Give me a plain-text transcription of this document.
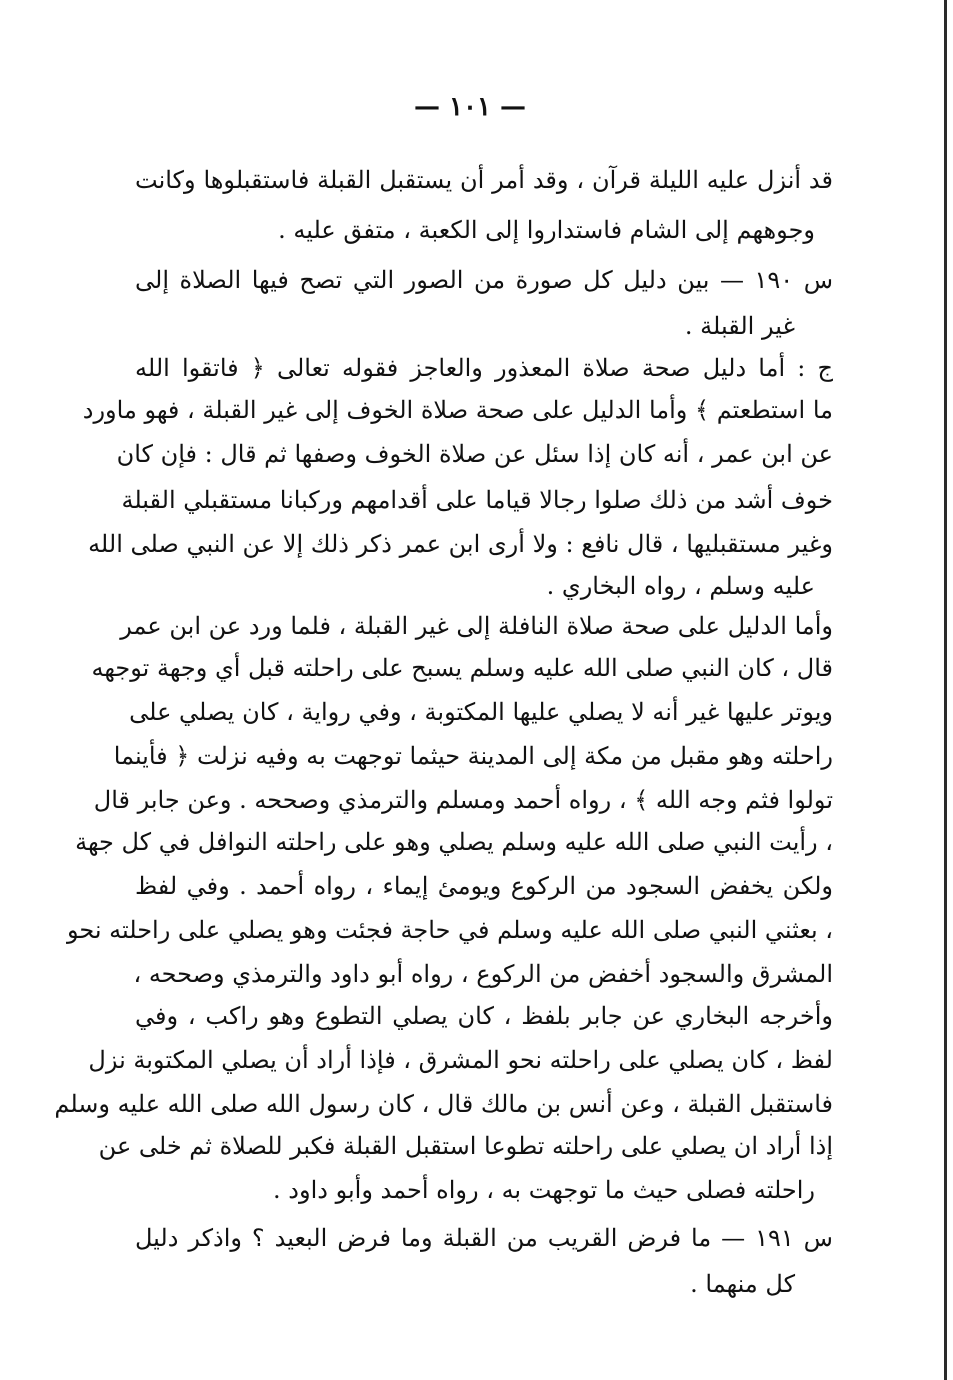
— ١٠١ —
قد أنزل عليه الليلة قرآن ، وقد أمر أن يستقبل القبلة فاستقبلوها وكانت
وجوههم إلى الشام فاستداروا إلى الكعبة ، متفق عليه .
س ١٩٠ — بين دليل كل صورة من الصور التي تصح فيها الصلاة إلى
غير القبلة .
ج : أما دليل صحة صلاة المعذور والعاجز فقوله تعالى ﴿ فاتقوا الله
ما استطعتم ﴾ وأما الدليل على صحة صلاة الخوف إلى غير القبلة ، فهو ماورد
عن ابن عمر ، أنه كان إذا سئل عن صلاة الخوف وصفها ثم قال : فإن كان
خوف أشد من ذلك صلوا رجالا قياما على أقدامهم وركبانا مستقبلي القبلة
وغير مستقبليها ، قال نافع : ولا أرى ابن عمر ذكر ذلك إلا عن النبي صلى الله
عليه وسلم ، رواه البخاري .
وأما الدليل على صحة صلاة النافلة إلى غير القبلة ، فلما ورد عن ابن عمر
قال ، كان النبي صلى الله عليه وسلم يسبح على راحلته قبل أي وجهة توجهه
ويوتر عليها غير أنه لا يصلي عليها المكتوبة ، وفي رواية ، كان يصلي على
راحلته وهو مقبل من مكة إلى المدينة حيثما توجهت به وفيه نزلت ﴿ فأينما
تولوا فثم وجه الله ﴾ ، رواه أحمد ومسلم والترمذي وصححه . وعن جابر قال
، رأيت النبي صلى الله عليه وسلم يصلي وهو على راحلته النوافل في كل جهة
ولكن يخفض السجود من الركوع ويومئ إيماء ، رواه أحمد . وفي لفظ
، بعثني النبي صلى الله عليه وسلم في حاجة فجئت وهو يصلي على راحلته نحو
المشرق والسجود أخفض من الركوع ، رواه أبو داود والترمذي وصححه ،
وأخرجه البخاري عن جابر بلفظ ، كان يصلي التطوع وهو راكب ، وفي
لفظ ، كان يصلي على راحلته نحو المشرق ، فإذا أراد أن يصلي المكتوبة نزل
فاستقبل القبلة ، وعن أنس بن مالك قال ، كان رسول الله صلى الله عليه وسلم
إذا أراد ان يصلي على راحلته تطوعا استقبل القبلة فكبر للصلاة ثم خلى عن
راحلته فصلى حيث ما توجهت به ، رواه أحمد وأبو داود .
س ١٩١ — ما فرض القريب من القبلة وما فرض البعيد ؟ واذكر دليل
كل منهما .
